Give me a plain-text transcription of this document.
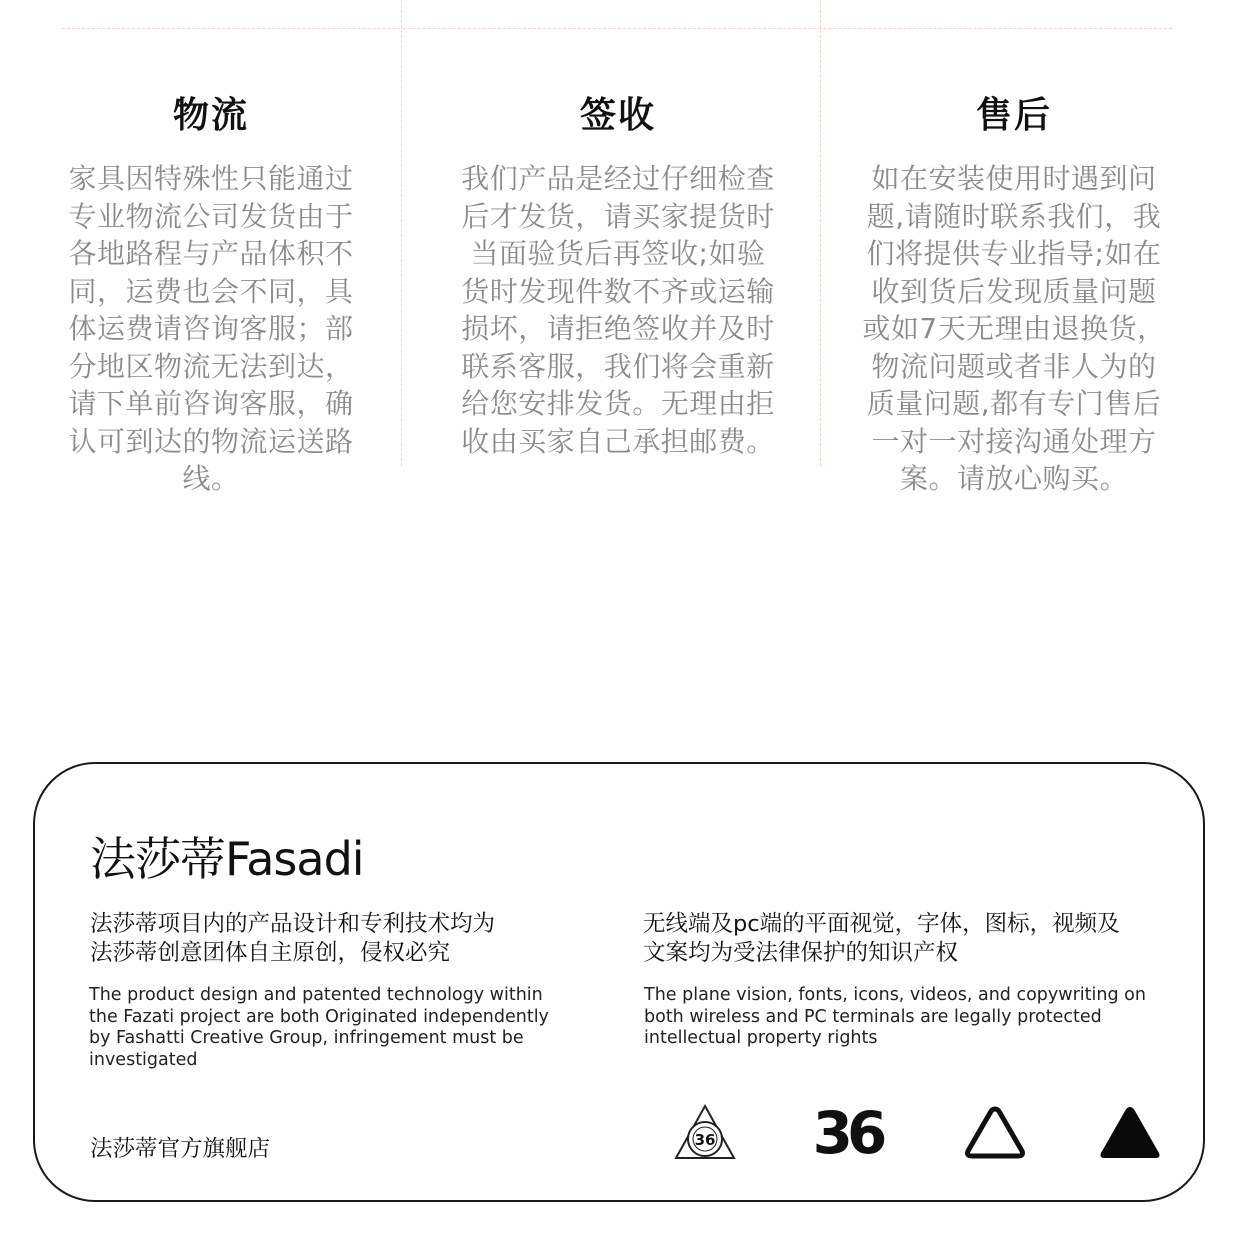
物流

家具因特殊性只能通过
专业物流公司发货由于
各地路程与产品体积不
同，运费也会不同，具
体运费请咨询客服；部
分地区物流无法到达，
请下单前咨询客服，确
认可到达的物流运送路
线。

签收

我们产品是经过仔细检查
后才发货，请买家提货时
当面验货后再签收;如验
货时发现件数不齐或运输
损坏，请拒绝签收并及时
联系客服，我们将会重新
给您安排发货。无理由拒
收由买家自己承担邮费。

售后

如在安装使用时遇到问
题,请随时联系我们，我
们将提供专业指导;如在
收到货后发现质量问题
或如7天无理由退换货，
物流问题或者非人为的
质量问题,都有专门售后
一对一对接沟通处理方
案。请放心购买。

法莎蒂Fasadi
法莎蒂项目内的产品设计和专利技术均为
法莎蒂创意团体自主原创，侵权必究
The product design and patented technology within
the Fazati project are both Originated independently
by Fashatti Creative Group, infringement must be
investigated
无线端及pc端的平面视觉，字体，图标，视频及
文案均为受法律保护的知识产权
The plane vision, fonts, icons, videos, and copywriting on
both wireless and PC terminals are legally protected
intellectual property rights
法莎蒂官方旗舰店	36 36
